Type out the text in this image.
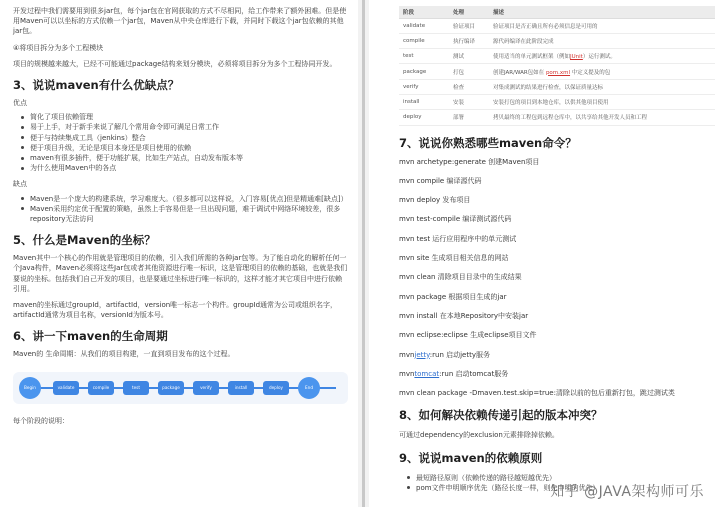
开发过程中我们需要用到很多jar包，每个jar包在官网获取的方式不尽相同，给工作带来了额外困难。但是使用Maven可以以坐标的方式依赖一个jar包，Maven从中央仓库进行下载，并同时下载这个jar包依赖的其他jar包。

④将项目拆分为多个工程模块

项目的规模越来越大，已经不可能通过package结构来划分模块，必须将项目拆分为多个工程协同开发。

3、说说maven有什么优缺点？

优点

简化了项目依赖管理
易于上手，对于新手来说了解几个常用命令即可满足日常工作
便于与持续集成工具（jenkins）整合
便于项目升级，无论是项目本身还是项目使用的依赖
maven有很多插件，便于功能扩展，比如生产站点，自动发布版本等
为什么使用Maven中的各点

缺点

Maven是一个庞大的构建系统，学习难度大。（很多都可以这样说，入门容易[优点]但是精通难[缺点]）
Maven采用约定优于配置的策略，虽然上手容易但是一旦出现问题，难于调试中网络环境较差，很多repository无法访问
5、什么是Maven的坐标？

Maven其中一个核心的作用就是管理项目的依赖，引入我们所需的各种jar包等。为了能自动化的解析任何一个Java构件，Maven必须将这些Jar包或者其他资源进行唯一标识，这是管理项目的依赖的基础，也就是我们要说的坐标。包括我们自己开发的项目，也是要通过坐标进行唯一标识的，这样才能才其它项目中进行依赖引用。

maven的坐标通过groupId，artifactId，version唯一标志一个构件。groupId通常为公司或组织名字，artifactId通常为项目名称，versionId为版本号。

6、讲一下maven的生命周期

Maven的 生命周期：从我们的项目构建，一直到项目发布的这个过程。

Begin	validate	compile	test	package	verify	install	deploy	End

每个阶段的说明：

阶段	处理	描述
validate	验证项目	验证项目是否正确且所有必须信息是可用的
compile	执行编译	源代码编译在此阶段完成
test	测试	使用适当的单元测试框架（例如JUnit）运行测试。
package	打包	创建JAR/WAR包如在 pom.xml 中定义提及的包
verify	检查	对集成测试的结果进行检查，以保证质量达标
install	安装	安装打包的项目到本地仓库，以供其他项目使用
deploy	部署	拷贝最终的工程包到远程仓库中，以共享给其他开发人员和工程
7、说说你熟悉哪些maven命令？

mvn archetype:generate 创建Maven项目

mvn compile 编译源代码

mvn deploy 发布项目

mvn test-compile 编译测试源代码

mvn test 运行应用程序中的单元测试

mvn site 生成项目相关信息的网站

mvn clean 清除项目目录中的生成结果

mvn package 根据项目生成的jar

mvn install 在本地Repository中安装jar

mvn eclipse:eclipse 生成eclipse项目文件

mvnjetty:run 启动jetty服务

mvntomcat:run 启动tomcat服务

mvn clean package -Dmaven.test.skip=true:清除以前的包后重新打包，跳过测试类

8、如何解决依赖传递引起的版本冲突？

可通过dependency的exclusion元素排除掉依赖。

9、说说maven的依赖原则
最短路径原则（依赖传递的路径越短越优先）
pom文件申明顺序优先（路径长度一样，则先申明的优先）
知乎 @JAVA架构师可乐
